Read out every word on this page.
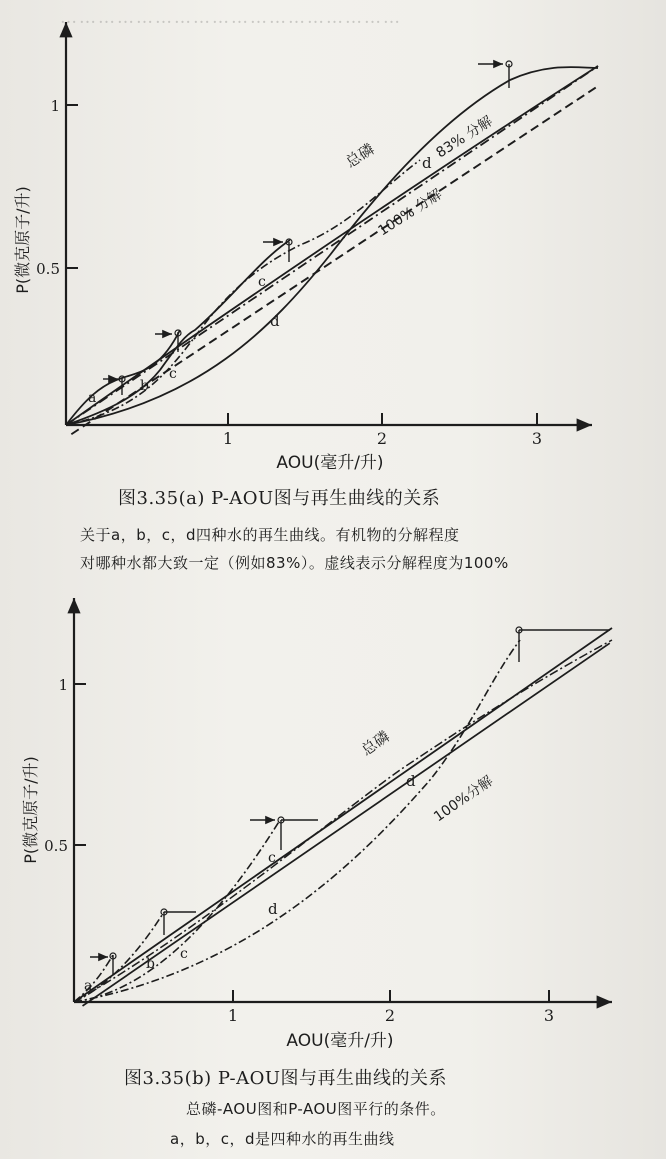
………………………………………………
1	2	3
0.5
1
P(微克原子/升)
AOU(毫升/升)
a
b
c
c
d
d
总磷	83% 分解
100% 分解
1	2	3
0.5
1
P(微克原子/升)
AOU(毫升/升)
a
b
c
c
d
d
总磷
100%分解
图3.35(a) P-AOU图与再生曲线的关系
关于a，b，c，d四种水的再生曲线。有机物的分解程度
对哪种水都大致一定（例如83%）。虚线表示分解程度为100%
图3.35(b) P-AOU图与再生曲线的关系
总磷-AOU图和P-AOU图平行的条件。
a，b，c，d是四种水的再生曲线
